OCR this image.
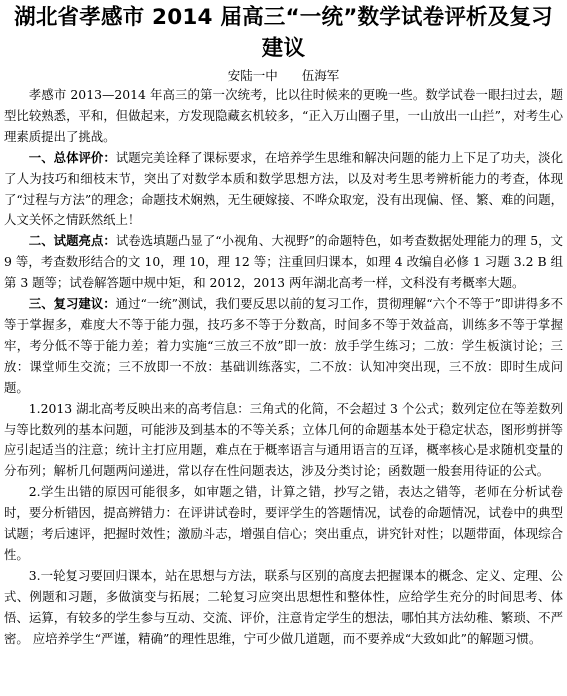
湖北省孝感市 2014 届高三“一统”数学试卷评析及复习建议
安陆一中 伍海军

孝感市 2013—2014 年高三的第一次统考，比以往时候来的更晚一些。数学试卷一眼扫过去，题型比较熟悉，平和，但做起来，方发现隐藏玄机较多，“正入万山圈子里，一山放出一山拦”，对考生心理素质提出了挑战。

一、总体评价：试题完美诠释了课标要求，在培养学生思维和解决问题的能力上下足了功夫，淡化了人为技巧和细枝末节，突出了对数学本质和数学思想方法，以及对考生思考辨析能力的考查，体现了“过程与方法”的理念；命题技术娴熟，无生硬嫁接、不哗众取宠，没有出现偏、怪、繁、难的问题，人文关怀之情跃然纸上！

二、试题亮点：试卷选填题凸显了“小视角、大视野”的命题特色，如考查数据处理能力的理 5，文 9 等，考查数形结合的文 10，理 10，理 12 等；注重回归课本，如理 4 改编自必修 1 习题 3.2 B 组第 3 题等；试卷解答题中规中矩，和 2012，2013 两年湖北高考一样，文科没有考概率大题。

三、复习建议：通过“一统”测试，我们要反思以前的复习工作，贯彻理解“六个不等于”即讲得多不等于掌握多，难度大不等于能力强，技巧多不等于分数高，时间多不等于效益高，训练多不等于掌握牢，考分低不等于能力差；着力实施“三放三不放”即一放：放手学生练习；二放：学生板演讨论；三放：课堂师生交流；三不放即一不放：基础训练落实，二不放：认知冲突出现，三不放：即时生成问题。

1.2013 湖北高考反映出来的高考信息：三角式的化简，不会超过 3 个公式；数列定位在等差数列与等比数列的基本问题，可能涉及到基本的不等关系；立体几何的命题基本处于稳定状态，图形剪拼等应引起适当的注意；统计主打应用题，难点在于概率语言与通用语言的互译，概率核心是求随机变量的分布列；解析几何题两问递进，常以存在性问题表达，涉及分类讨论；函数题一般套用待证的公式。

2.学生出错的原因可能很多，如审题之错，计算之错，抄写之错，表达之错等，老师在分析试卷时，要分析错因，提高辨错力：在评讲试卷时，要评学生的答题情况，试卷的命题情况，试卷中的典型试题；考后速评，把握时效性；激励斗志，增强自信心；突出重点，讲究针对性；以题带面，体现综合性。

3.一轮复习要回归课本，站在思想与方法，联系与区别的高度去把握课本的概念、定义、定理、公式、例题和习题，多做演变与拓展；二轮复习应突出思想性和整体性，应给学生充分的时间思考、体悟、运算，有较多的学生参与互动、交流、评价，注意肯定学生的想法，哪怕其方法幼稚、繁琐、不严密。 应培养学生“严谨，精确”的理性思维，宁可少做几道题，而不要养成“大致如此”的解题习惯。
